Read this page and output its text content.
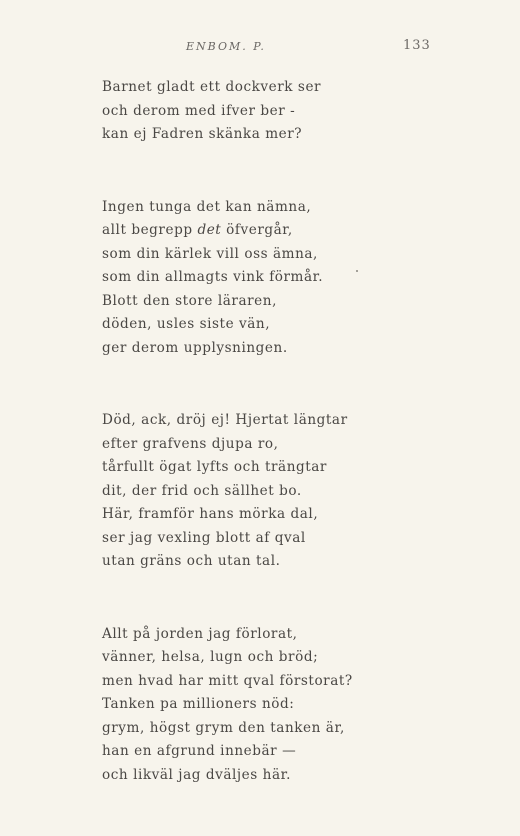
ENBOM. P.	133
Barnet gladt ett dockverk ser
och derom med ifver ber -
kan ej Fadren skänka mer?
Ingen tunga det kan nämna,
allt begrepp det öfvergår,
som din kärlek vill oss ämna,
som din allmagts vink förmår.
Blott den store läraren,
döden, usles siste vän,
ger derom upplysningen.
Död, ack, dröj ej! Hjertat längtar
efter grafvens djupa ro,
tårfullt ögat lyfts och trängtar
dit, der frid och sällhet bo.
Här, framför hans mörka dal,
ser jag vexling blott af qval
utan gräns och utan tal.
Allt på jorden jag förlorat,
vänner, helsa, lugn och bröd;
men hvad har mitt qval förstorat?
Tanken pa millioners nöd:
grym, högst grym den tanken är,
han en afgrund innebär —
och likväl jag dväljes här.
